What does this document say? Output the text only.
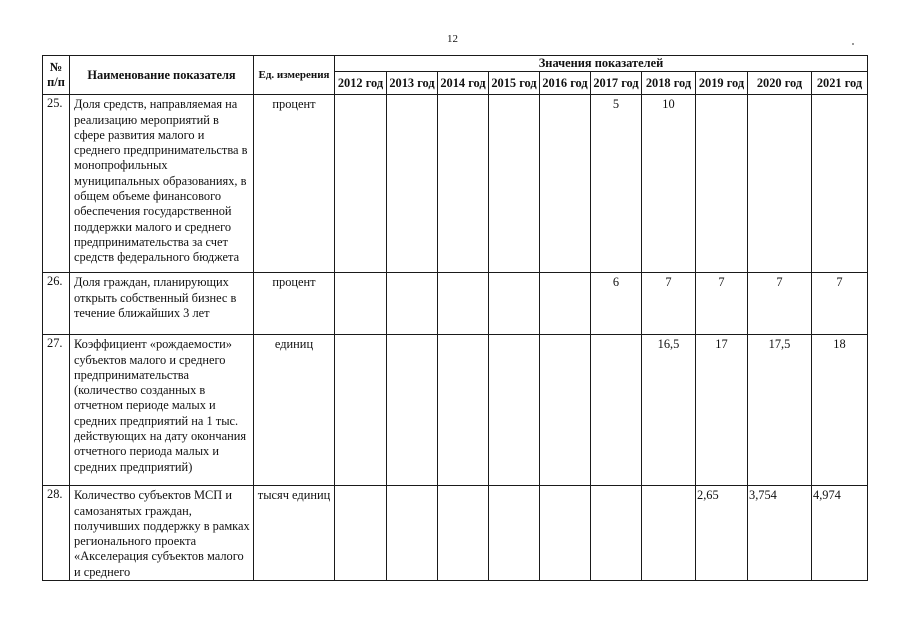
12
№
п/п	Наименование показателя	Ед. измерения	Значения показателей									
			2012 год	2013 год	2014 год	2015 год	2016 год	2017 год	2018 год	2019 год	2020 год	2021 год
25.	Доля средств, направляемая на реализацию мероприятий в сфере развития малого и среднего предпринимательства в монопрофильных муниципальных образованиях, в общем объеме финансового обеспечения государственной поддержки малого и среднего предпринимательства за счет средств федерального бюджета	процент						5	10			
26.	Доля граждан, планирующих открыть собственный бизнес в течение ближайших 3 лет	процент						6	7	7	7	7
27.	Коэффициент «рождаемости» субъектов малого и среднего предпринимательства (количество созданных в отчетном периоде малых и средних предприятий на 1 тыс. действующих на дату окончания отчетного периода малых и средних предприятий)	единиц							16,5	17	17,5	18
28.	Количество субъектов МСП и самозанятых граждан, получивших поддержку в рамках регионального проекта «Акселерация субъектов малого и среднего	тысяч единиц								2,65	3,754	4,974
